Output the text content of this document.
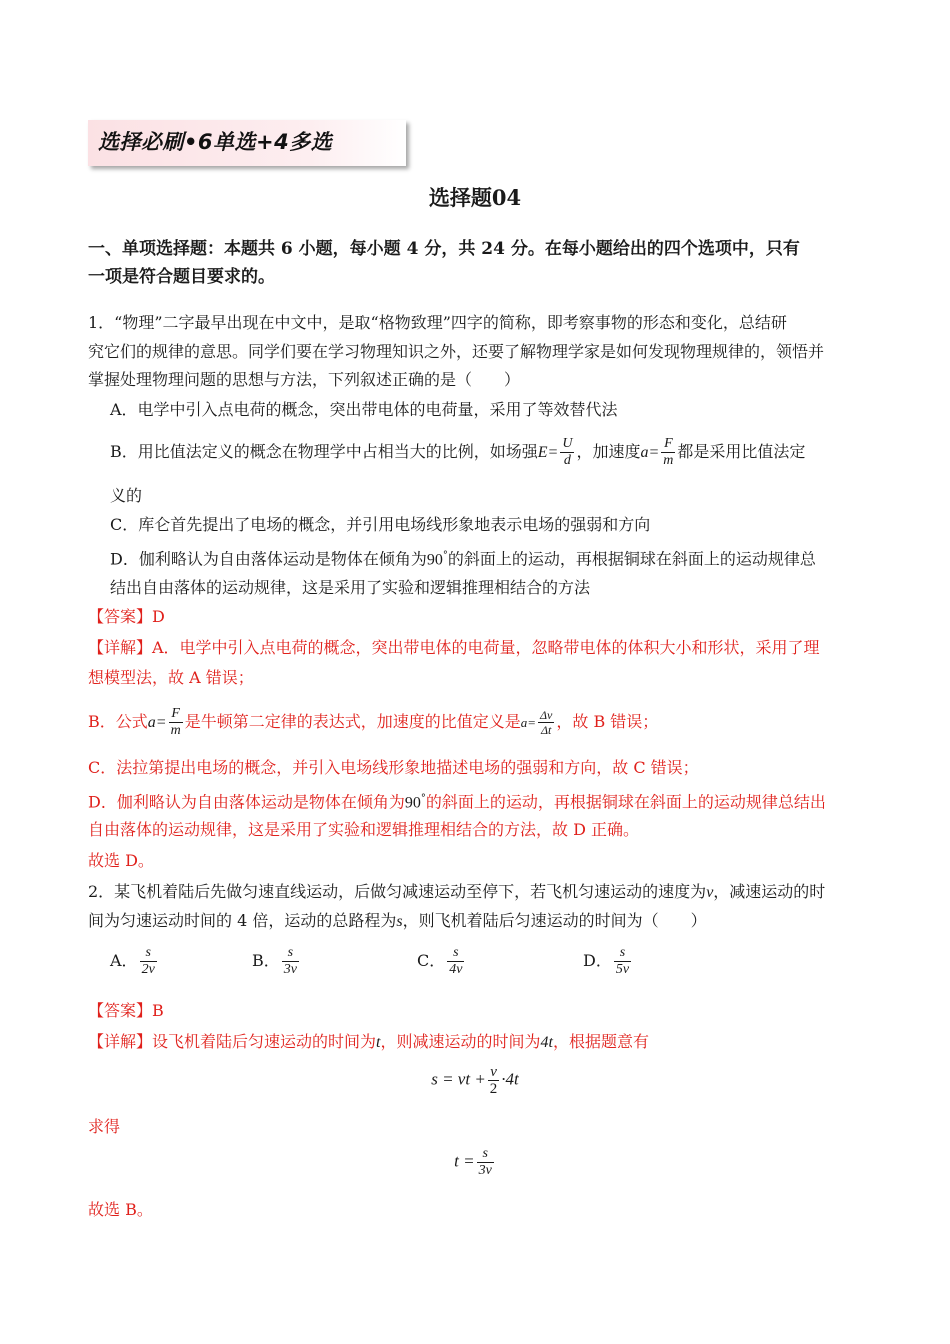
选择必刷•6单选+4多选
选择题04
一、单项选择题：本题共 6 小题，每小题 4 分，共 24 分。在每小题给出的四个选项中，只有
一项是符合题目要求的。
1．“物理”二字最早出现在中文中，是取“格物致理”四字的简称，即考察事物的形态和变化，总结研
究它们的规律的意思。同学们要在学习物理知识之外，还要了解物理学家是如何发现物理规律的，领悟并
掌握处理物理问题的思想与方法，下列叙述正确的是（　　）
A．电学中引入点电荷的概念，突出带电体的电荷量，采用了等效替代法
B．用比值法定义的概念在物理学中占相当大的比例，如场强$E= \frac{U}{d}$ ，加速度$a= \frac{F}{m}$ 都是采用比值法定
义的
C．库仑首先提出了电场的概念，并引用电场线形象地表示电场的强弱和方向
D．伽利略认为自由落体运动是物体在倾角为90°的斜面上的运动，再根据铜球在斜面上的运动规律总
结出自由落体的运动规律，这是采用了实验和逻辑推理相结合的方法
【答案】D
【详解】A．电学中引入点电荷的概念，突出带电体的电荷量，忽略带电体的体积大小和形状，采用了理
想模型法，故 A 错误；
B．公式$a= \frac{F}{m}$ 是牛顿第二定律的表达式，加速度的比值定义是$a= \frac{\Delta v}{\Delta t}$ ，故 B 错误；
C．法拉第提出电场的概念，并引入电场线形象地描述电场的强弱和方向，故 C 错误；
D．伽利略认为自由落体运动是物体在倾角为90°的斜面上的运动，再根据铜球在斜面上的运动规律总结出
自由落体的运动规律，这是采用了实验和逻辑推理相结合的方法，故 D 正确。
故选 D。
2．某飞机着陆后先做匀速直线运动，后做匀减速运动至停下，若飞机匀速运动的速度为v，减速运动的时
间为匀速运动时间的 4 倍，运动的总路程为s，则飞机着陆后匀速运动的时间为（　　）
A． $\frac{s}{2v}$	B． $\frac{s}{3v}$	C． $\frac{s}{4v}$	D． $\frac{s}{5v}$
【答案】B
【详解】设飞机着陆后匀速运动的时间为t，则减速运动的时间为4t，根据题意有
s = vt + $\frac{v}{2} \cdot 4t$
求得
$t = \frac{s}{3v}$
故选 B。
